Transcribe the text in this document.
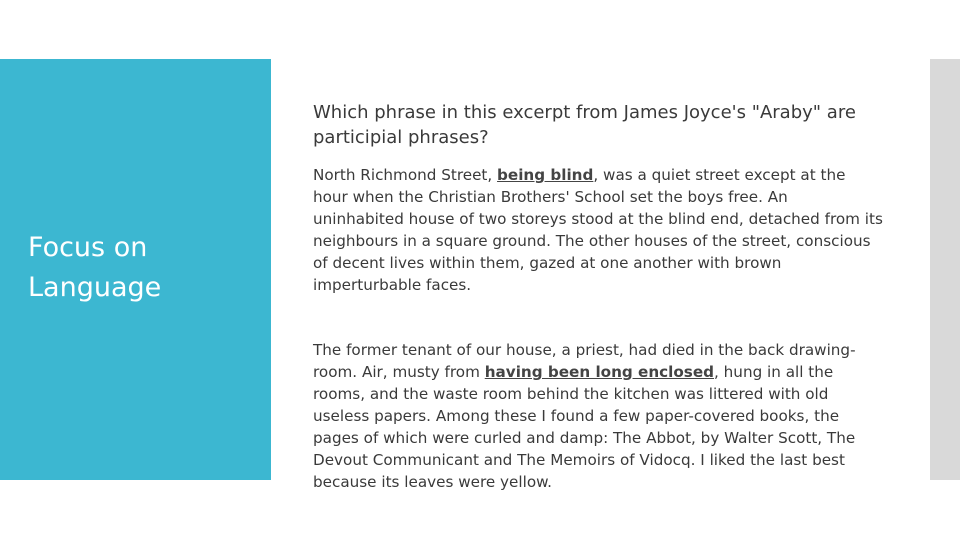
Focus on Language

Which phrase in this excerpt from James Joyce's "Araby" are participial phrases?

North Richmond Street, being blind, was a quiet street except at the hour when the Christian Brothers' School set the boys free. An uninhabited house of two storeys stood at the blind end, detached from its neighbours in a square ground. The other houses of the street, conscious of decent lives within them, gazed at one another with brown imperturbable faces.

The former tenant of our house, a priest, had died in the back drawing-room. Air, musty from having been long enclosed, hung in all the rooms, and the waste room behind the kitchen was littered with old useless papers. Among these I found a few paper-covered books, the pages of which were curled and damp: The Abbot, by Walter Scott, The Devout Communicant and The Memoirs of Vidocq. I liked the last best because its leaves were yellow.
